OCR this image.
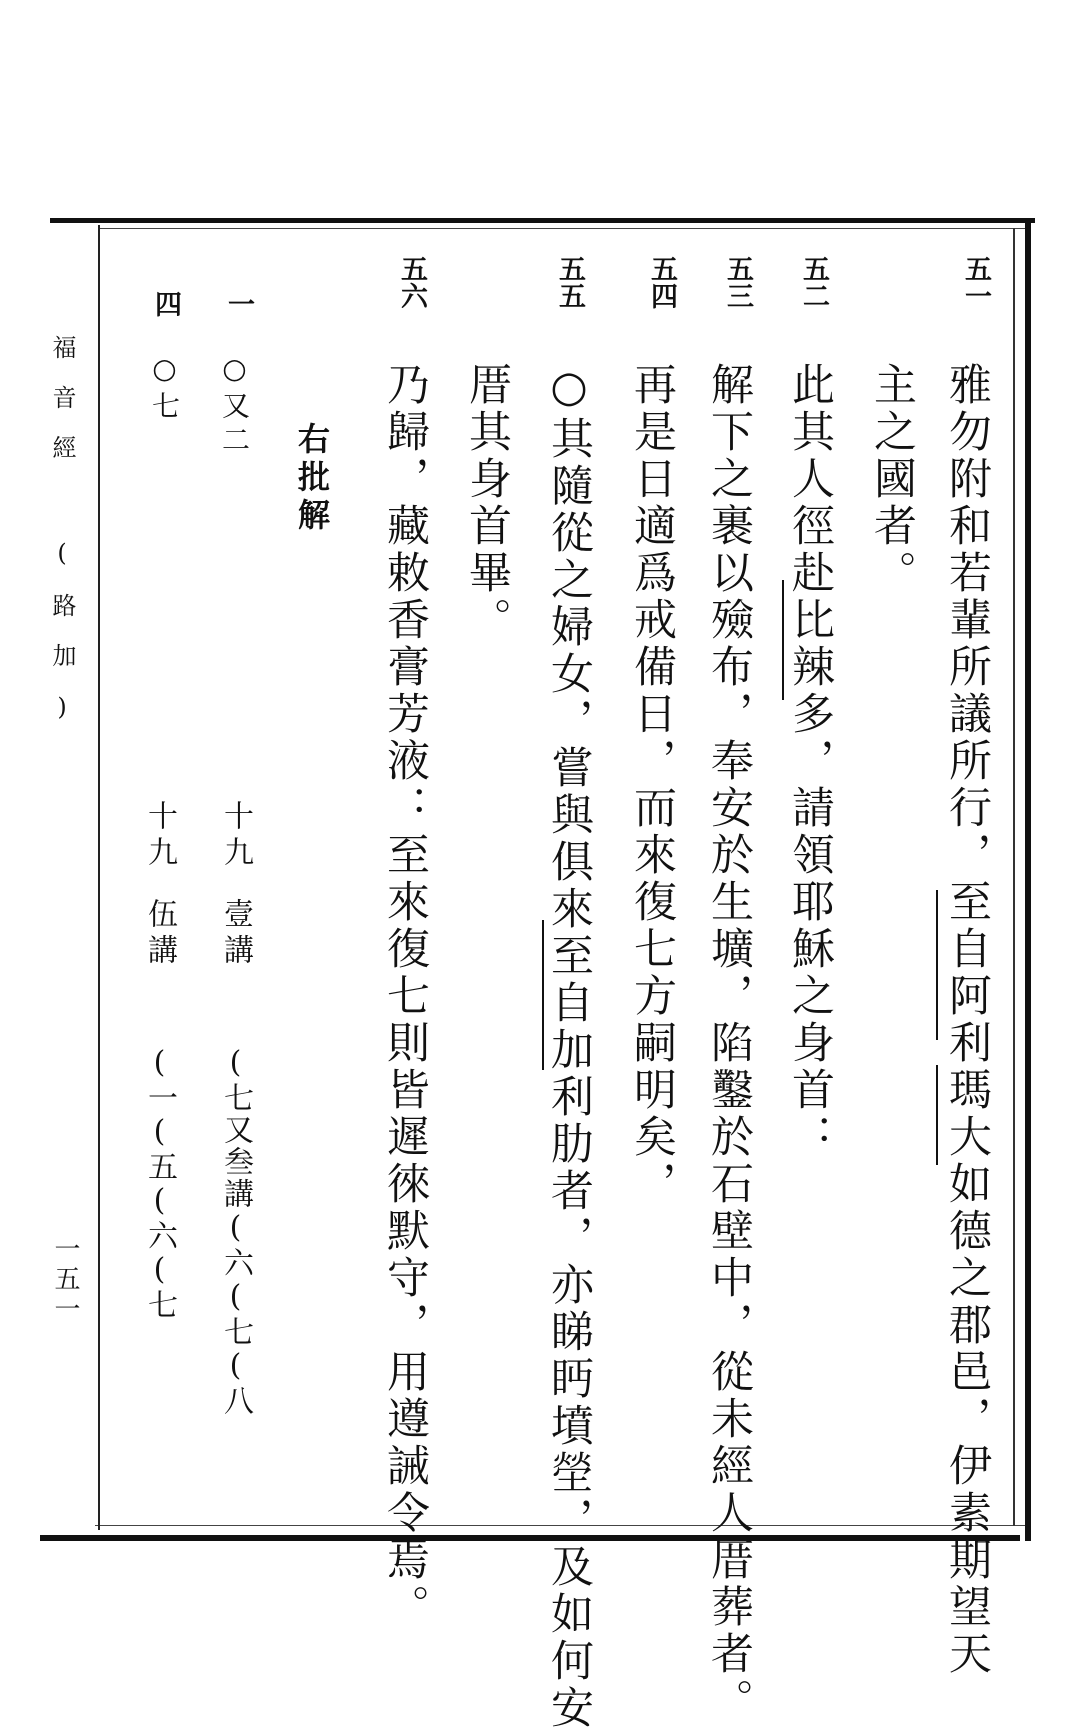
福音經 (路加)
一五一
五一
雅勿附和若輩所議所行，至自阿利瑪大如德之郡邑，伊素期望天
主之國者。
五二
此其人徑赴比辣多，請領耶穌之身首：
五三
解下之裹以殮布，奉安於生壙，陷鑿於石壁中，從未經人厝葬者。
五四
再是日適爲戒備日，而來復七方嗣明矣，
五五
○其隨從之婦女，嘗與俱來至自加利肋者，亦睇眄墳塋，及如何安
厝其身首畢。
五六
乃歸，藏敕香膏芳液：至來復七則皆遲徠默守，用遵誡令焉。
右批解
一
○又二
十九
壹講
(七又叁講(六(七(八
四
○七
十九
伍講
(一(五(六(七
